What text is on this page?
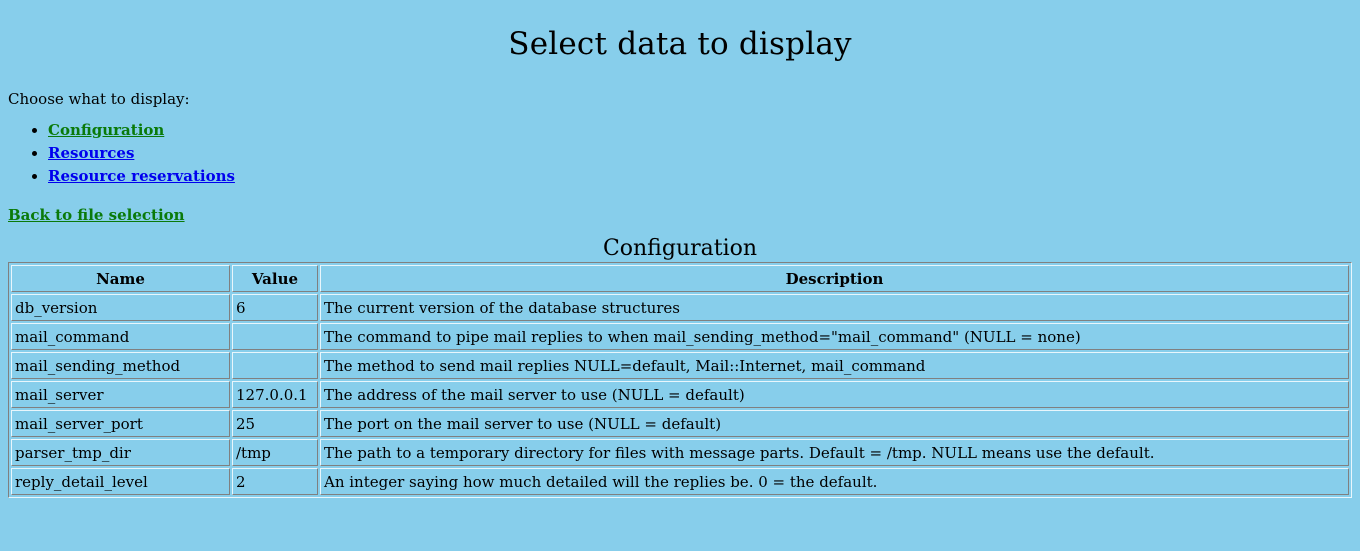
Select data to display

Choose what to display:

• Configuration
• Resources
• Resource reservations
Back to file selection
Configuration
Name	Value	Description
db_version	6	The current version of the database structures
mail_command		The command to pipe mail replies to when mail_sending_method="mail_command" (NULL = none)
mail_sending_method		The method to send mail replies NULL=default, Mail::Internet, mail_command
mail_server	127.0.0.1	The address of the mail server to use (NULL = default)
mail_server_port	25	The port on the mail server to use (NULL = default)
parser_tmp_dir	/tmp	The path to a temporary directory for files with message parts. Default = /tmp. NULL means use the default.
reply_detail_level	2	An integer saying how much detailed will the replies be. 0 = the default.
